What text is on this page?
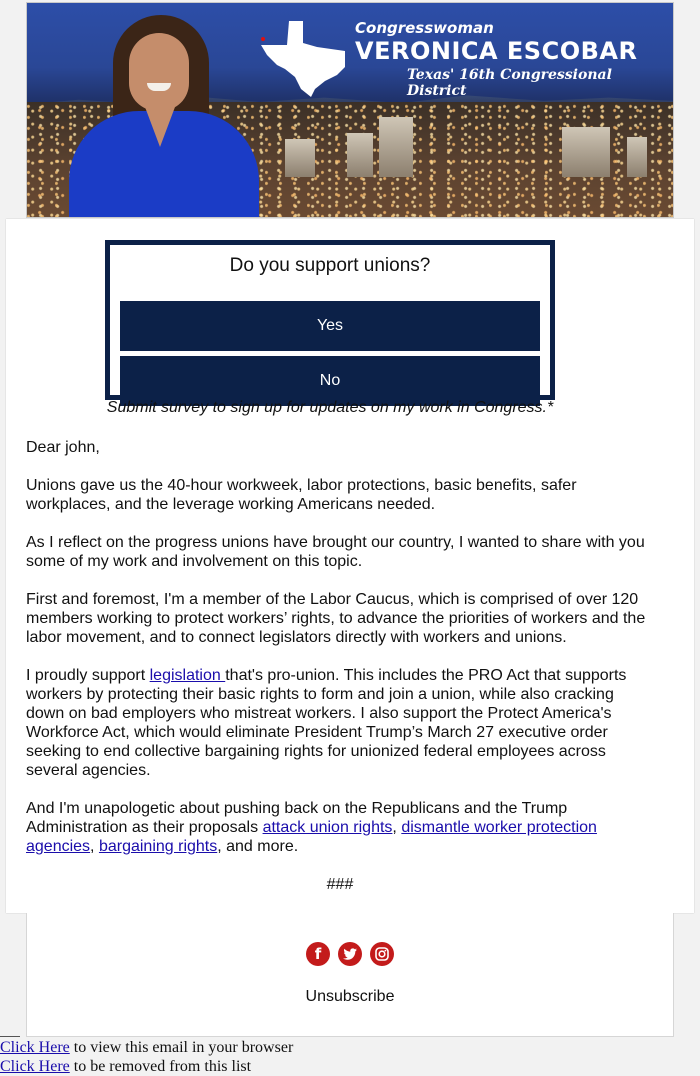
Congresswoman
VERONICA ESCOBAR
Texas' 16th Congressional District
Do you support unions?
Yes
No
Submit survey to sign up for updates on my work in Congress.*

Dear john,

Unions gave us the 40-hour workweek, labor protections, basic benefits, safer workplaces, and the leverage working Americans needed.

As I reflect on the progress unions have brought our country, I wanted to share with you some of my work and involvement on this topic.

First and foremost, I'm a member of the Labor Caucus, which is comprised of over 120 members working to protect workers’ rights, to advance the priorities of workers and the labor movement, and to connect legislators directly with workers and unions.

I proudly support legislation that's pro-union. This includes the PRO Act that supports workers by protecting their basic rights to form and join a union, while also cracking down on bad employers who mistreat workers. I also support the Protect America's Workforce Act, which would eliminate President Trump’s March 27 executive order seeking to end collective bargaining rights for unionized federal employees across several agencies.

And I'm unapologetic about pushing back on the Republicans and the Trump Administration as their proposals attack union rights, dismantle worker protection agencies, bargaining rights, and more.

###

f
Unsubscribe
Click Here to view this email in your browser
Click Here to be removed from this list
